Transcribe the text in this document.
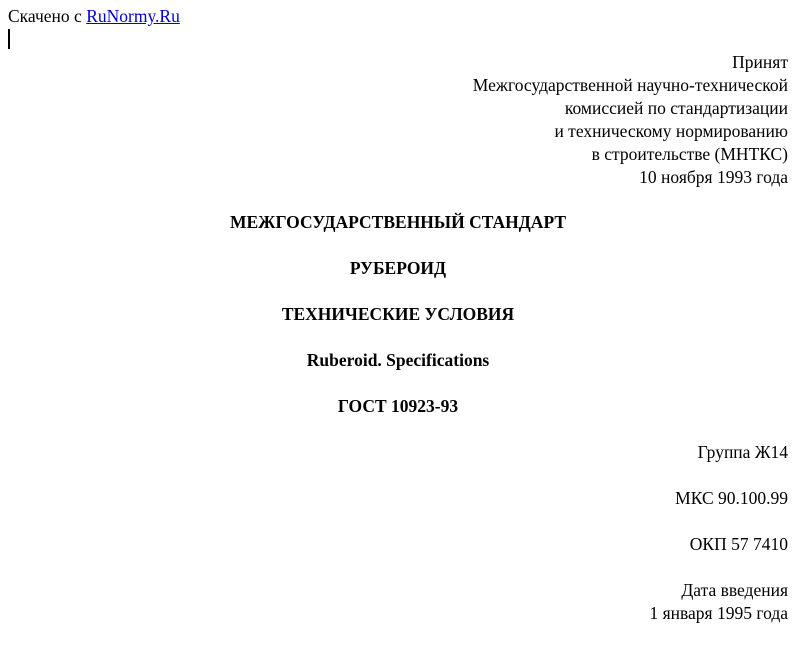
Скачено с RuNormy.Ru
Принят
Межгосударственной научно-технической
комиссией по стандартизации
и техническому нормированию
в строительстве (МНТКС)
10 ноября 1993 года
МЕЖГОСУДАРСТВЕННЫЙ СТАНДАРТ
РУБЕРОИД
ТЕХНИЧЕСКИЕ УСЛОВИЯ
Ruberoid. Specifications
ГОСТ 10923-93
Группа Ж14
МКС 90.100.99
ОКП 57 7410
Дата введения
1 января 1995 года
